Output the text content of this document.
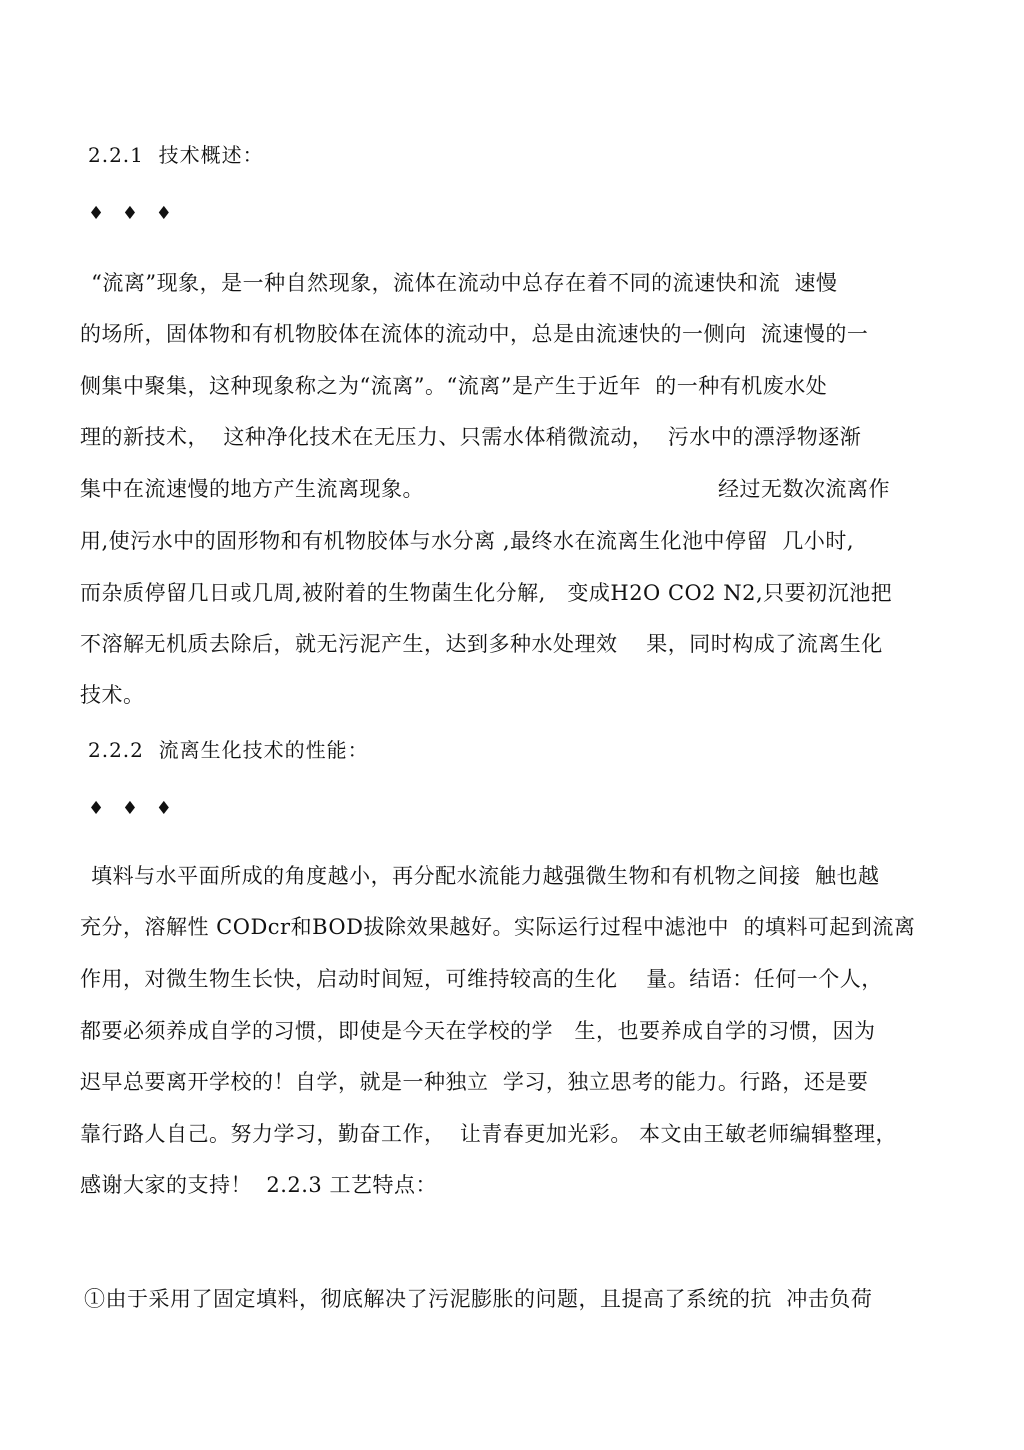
2.2.1  技术概述：
♦ ♦ ♦
“流离”现象，是一种自然现象，流体在流动中总存在着不同的流速快和流  速慢
的场所，固体物和有机物胶体在流体的流动中，总是由流速快的一侧向  流速慢的一
侧集中聚集，这种现象称之为“流离”。“流离”是产生于近年  的一种有机废水处
理的新技术，  这种净化技术在无压力、只需水体稍微流动，  污水中的漂浮物逐渐
集中在流速慢的地方产生流离现象。	经过无数次流离作
用,使污水中的固形物和有机物胶体与水分离 ,最终水在流离生化池中停留  几小时,
而杂质停留几日或几周,被附着的生物菌生化分解,   变成H2O CO2 N2,只要初沉池把
不溶解无机质去除后，就无污泥产生，达到多种水处理效    果，同时构成了流离生化
技术。
2.2.2  流离生化技术的性能：
♦ ♦ ♦
填料与水平面所成的角度越小，再分配水流能力越强微生物和有机物之间接  触也越
充分，溶解性 CODcr和BOD拔除效果越好。实际运行过程中滤池中  的填料可起到流离
作用，对微生物生长快，启动时间短，可维持较高的生化    量。结语：任何一个人，
都要必须养成自学的习惯，即使是今天在学校的学   生，也要养成自学的习惯，因为
迟早总要离开学校的！自学，就是一种独立  学习，独立思考的能力。行路，还是要
靠行路人自己。努力学习，勤奋工作，  让青春更加光彩。 本文由王敏老师编辑整理，
感谢大家的支持！  2.2.3 工艺特点：
①由于采用了固定填料，彻底解决了污泥膨胀的问题，且提高了系统的抗  冲击负荷
